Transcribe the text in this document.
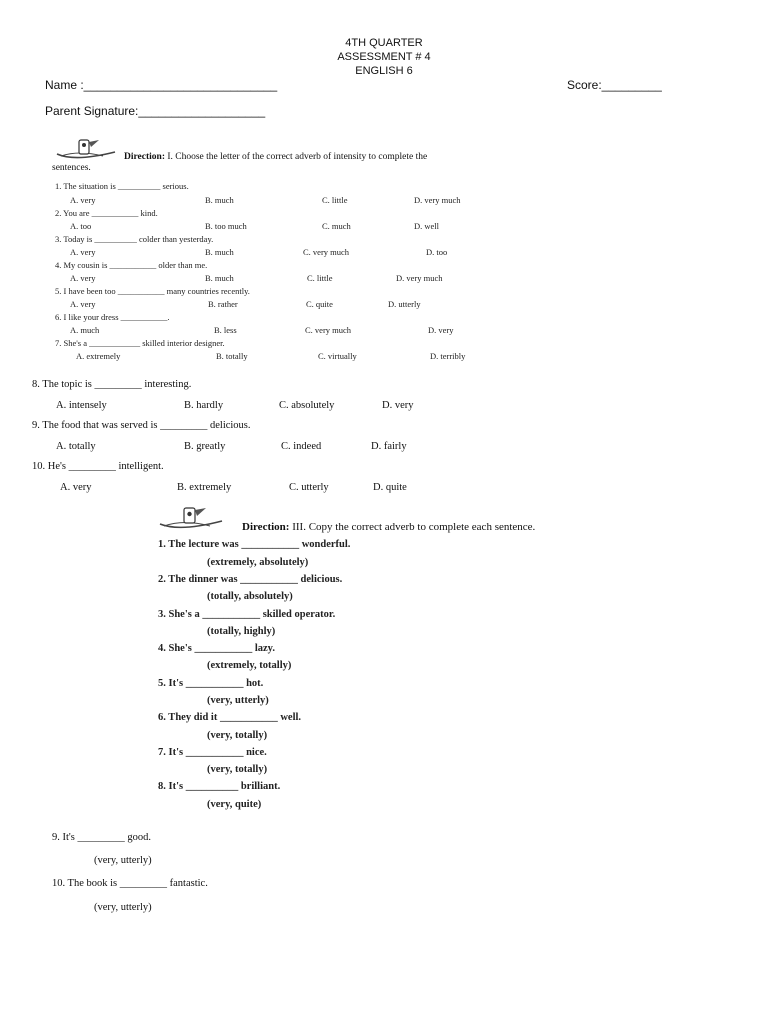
4TH QUARTER
ASSESSMENT # 4
ENGLISH 6
Name :_____________________________	Score:_________
Parent Signature:___________________
Direction: I. Choose the letter of the correct adverb of intensity to complete the
sentences.
1. The situation is __________ serious.
A. very	B. much	C. little	D. very much
2. You are ___________ kind.
A. too	B. too much	C. much	D. well
3. Today is __________ colder than yesterday.
A. very	B. much	C. very much	D. too
4. My cousin is ___________ older than me.
A. very	B. much	C. little	D. very much
5. I have been too ___________ many countries recently.
A. very	B. rather	C. quite	D. utterly
6. I like your dress ___________.
A. much	B. less	C. very much	D. very
7. She's a ____________ skilled interior designer.
A. extremely	B. totally	C. virtually	D. terribly
8. The topic is _________ interesting.
A. intensely	B. hardly	C. absolutely	D. very
9. The food that was served is _________ delicious.
A. totally	B. greatly	C. indeed	D. fairly
10. He's _________ intelligent.
A. very	B. extremely	C. utterly	D. quite
Direction: III. Copy the correct adverb to complete each sentence.
1. The lecture was ___________ wonderful.
(extremely, absolutely)
2. The dinner was ___________ delicious.
(totally, absolutely)
3. She's a ___________ skilled operator.
(totally, highly)
4. She's ___________ lazy.
(extremely, totally)
5. It's ___________ hot.
(very, utterly)
6. They did it ___________ well.
(very, totally)
7. It's ___________ nice.
(very, totally)
8. It's __________ brilliant.
(very, quite)
9. It's _________ good.
(very, utterly)
10. The book is _________ fantastic.
(very, utterly)
